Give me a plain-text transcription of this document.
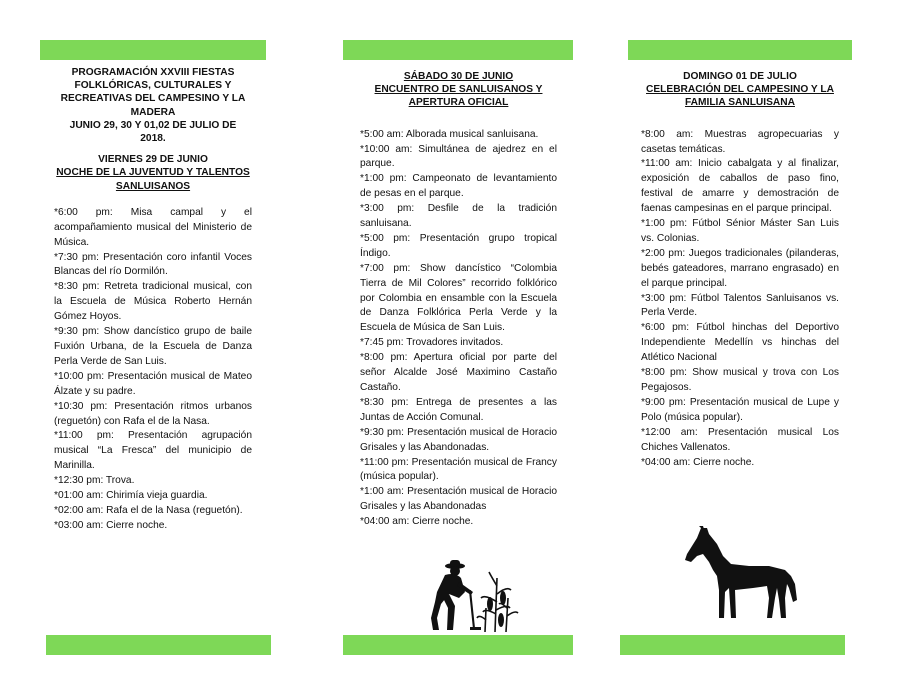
PROGRAMACIÓN XXVIII FIESTAS
FOLKLÓRICAS, CULTURALES Y
RECREATIVAS DEL CAMPESINO Y LA
MADERA
JUNIO 29, 30 Y 01,02 DE JULIO DE
2018.
VIERNES 29 DE JUNIO
NOCHE DE LA JUVENTUD Y TALENTOS
SANLUISANOS
*6:00 pm: Misa campal y el acompañamiento musical del Ministerio de Música.
*7:30 pm: Presentación coro infantil Voces Blancas del río Dormilón.
*8:30 pm: Retreta tradicional musical, con la Escuela de Música Roberto Hernán Gómez Hoyos.
*9:30 pm: Show dancístico grupo de baile Fuxión Urbana, de la Escuela de Danza Perla Verde de San Luis.
*10:00 pm: Presentación musical de Mateo Álzate y su padre.
*10:30 pm: Presentación ritmos urbanos (reguetón) con Rafa el de la Nasa.
*11:00 pm: Presentación agrupación musical “La Fresca” del municipio de Marinilla.
*12:30 pm: Trova.
*01:00 am: Chirimía vieja guardia.
*02:00 am: Rafa el de la Nasa (reguetón).
*03:00 am: Cierre noche.
SÁBADO 30 DE JUNIO
ENCUENTRO DE SANLUISANOS Y
APERTURA OFICIAL
*5:00 am: Alborada musical sanluisana.
*10:00 am: Simultánea de ajedrez en el parque.
*1:00 pm: Campeonato de levantamiento de pesas en el parque.
*3:00 pm: Desfile de la tradición sanluisana.
*5:00 pm: Presentación grupo tropical Índigo.
*7:00 pm: Show dancístico “Colombia Tierra de Mil Colores” recorrido folklórico por Colombia en ensamble con la Escuela de Danza Folklórica Perla Verde y la Escuela de Música de San Luis.
*7:45 pm: Trovadores invitados.
*8:00 pm: Apertura oficial por parte del señor Alcalde José Maximino Castaño Castaño.
*8:30 pm: Entrega de presentes a las Juntas de Acción Comunal.
*9:30 pm: Presentación musical de Horacio Grisales y las Abandonadas.
*11:00 pm: Presentación musical de Francy (música popular).
*1:00 am: Presentación musical de Horacio Grisales y las Abandonadas
*04:00 am: Cierre noche.
DOMINGO 01 DE JULIO
CELEBRACIÓN DEL CAMPESINO Y LA
FAMILIA SANLUISANA
*8:00 am: Muestras agropecuarias y casetas temáticas.
*11:00 am: Inicio cabalgata y al finalizar, exposición de caballos de paso fino, festival de amarre y demostración de faenas campesinas en el parque principal.
*1:00 pm: Fútbol Sénior Máster San Luis vs. Colonias.
*2:00 pm: Juegos tradicionales (pilanderas, bebés gateadores, marrano engrasado) en el parque principal.
*3:00 pm: Fútbol Talentos Sanluisanos vs. Perla Verde.
*6:00 pm: Fútbol hinchas del Deportivo Independiente Medellín vs hinchas del Atlético Nacional
*8:00 pm: Show musical y trova con Los Pegajosos.
*9:00 pm: Presentación musical de Lupe y Polo (música popular).
*12:00 am: Presentación musical Los Chiches Vallenatos.
*04:00 am: Cierre noche.
